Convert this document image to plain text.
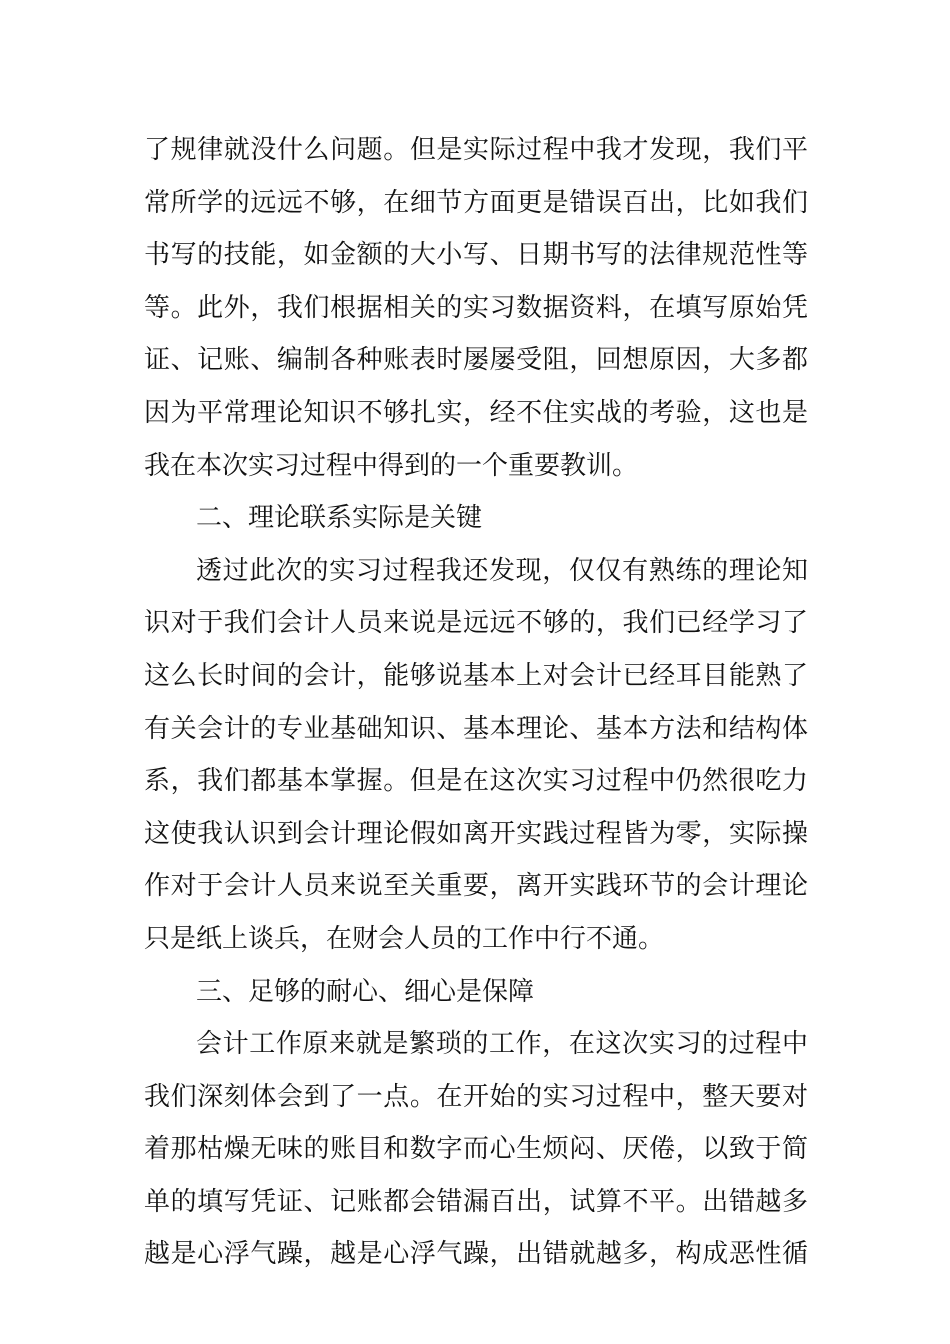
了规律就没什么问题。但是实际过程中我才发现，我们平
常所学的远远不够，在细节方面更是错误百出，比如我们
书写的技能，如金额的大小写、日期书写的法律规范性等
等。此外，我们根据相关的实习数据资料，在填写原始凭
证、记账、编制各种账表时屡屡受阻，回想原因，大多都
因为平常理论知识不够扎实，经不住实战的考验，这也是
我在本次实习过程中得到的一个重要教训。
二、理论联系实际是关键
透过此次的实习过程我还发现，仅仅有熟练的理论知
识对于我们会计人员来说是远远不够的，我们已经学习了
这么长时间的会计，能够说基本上对会计已经耳目能熟了
有关会计的专业基础知识、基本理论、基本方法和结构体
系，我们都基本掌握。但是在这次实习过程中仍然很吃力
这使我认识到会计理论假如离开实践过程皆为零，实际操
作对于会计人员来说至关重要，离开实践环节的会计理论
只是纸上谈兵，在财会人员的工作中行不通。
三、足够的耐心、细心是保障
会计工作原来就是繁琐的工作，在这次实习的过程中
我们深刻体会到了一点。在开始的实习过程中，整天要对
着那枯燥无味的账目和数字而心生烦闷、厌倦，以致于简
单的填写凭证、记账都会错漏百出，试算不平。出错越多
越是心浮气躁，越是心浮气躁，出错就越多，构成恶性循
